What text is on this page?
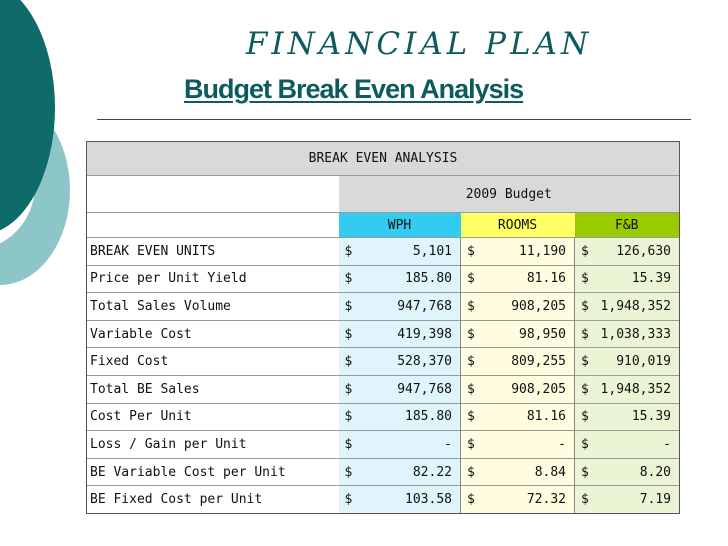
FINANCIAL PLAN
Budget Break Even Analysis
BREAK EVEN ANALYSIS						
	2009 Budget					
	WPH		ROOMS		F&B	
BREAK EVEN UNITS	$	5,101	$	11,190	$	126,630
Price per Unit Yield	$	185.80	$	81.16	$	15.39
Total Sales Volume	$	947,768	$	908,205	$	1,948,352
Variable Cost	$	419,398	$	98,950	$	1,038,333
Fixed Cost	$	528,370	$	809,255	$	910,019
Total BE Sales	$	947,768	$	908,205	$	1,948,352
Cost Per Unit	$	185.80	$	81.16	$	15.39
Loss / Gain per Unit	$	-	$	-	$	-
BE Variable Cost per Unit	$	82.22	$	8.84	$	8.20
BE Fixed Cost per Unit	$	103.58	$	72.32	$	7.19
